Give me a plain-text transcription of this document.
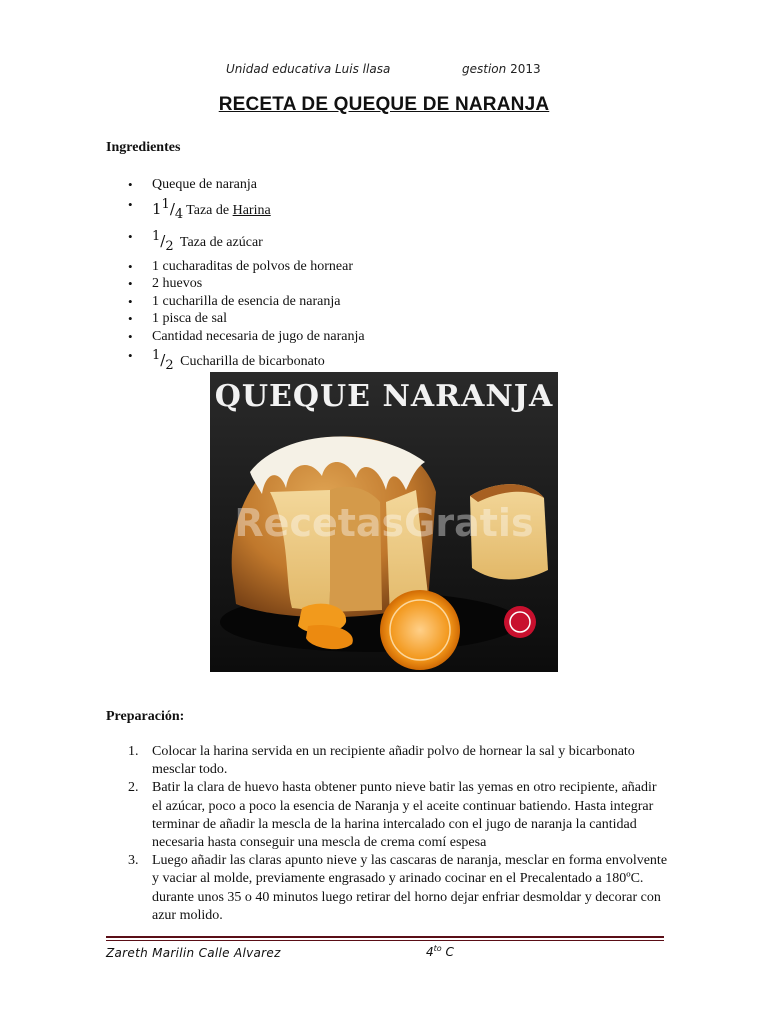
Unidad educativa Luis llasa	gestion 2013
RECETA DE QUEQUE DE NARANJA
Ingredientes
• Queque de naranja
• $1^1/_4$ Taza de Harina
• $^1/_2$ Taza de azúcar
• 1 cucharaditas de polvos de hornear
• 2 huevos
• 1 cucharilla de esencia de naranja
• 1 pisca de sal
• Cantidad necesaria de jugo de naranja
• $^1/_2$ Cucharilla de bicarbonato
QUEQUE NARANJA
RecetasGratis
Preparación:
1. Colocar la harina servida en un recipiente añadir polvo de hornear la sal y bicarbonato mesclar todo.
2. Batir la clara de huevo hasta obtener punto nieve batir las yemas en otro recipiente, añadir el azúcar, poco a poco la esencia de Naranja y el aceite continuar batiendo. Hasta integrar terminar de añadir la mescla de la harina intercalado con el jugo de naranja la cantidad necesaria hasta conseguir una mescla de crema comí espesa
3. Luego añadir las claras apunto nieve y las cascaras de naranja, mesclar en forma envolvente y vaciar al molde, previamente engrasado y arinado cocinar en el Precalentado a 180ºC. durante unos 35 o 40 minutos luego retirar del horno dejar enfriar desmoldar y decorar con azur molido.
Zareth Marilin Calle Alvarez	$4^{to}$ C
